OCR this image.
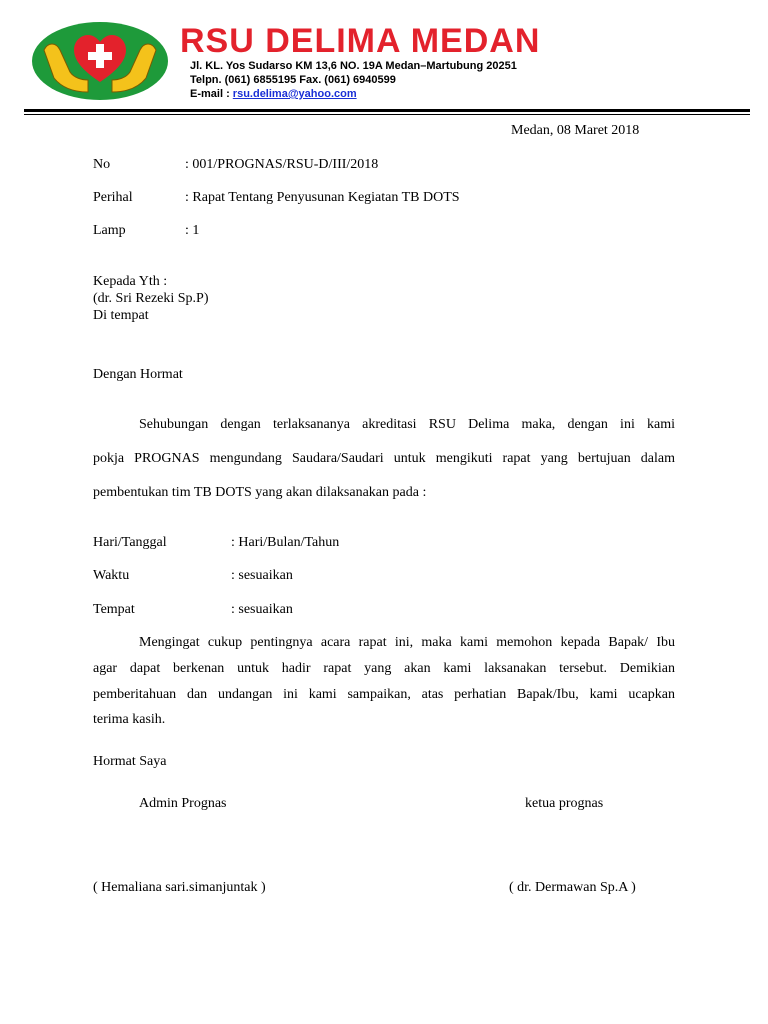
RSU DELIMA MEDAN
Jl. KL. Yos Sudarso KM 13,6 NO. 19A Medan–Martubung 20251
Telpn. (061) 6855195 Fax. (061) 6940599
E-mail : rsu.delima@yahoo.com
Medan, 08 Maret 2018
No	: 001/PROGNAS/RSU-D/III/2018
Perihal	: Rapat Tentang Penyusunan Kegiatan TB DOTS
Lamp	: 1
Kepada Yth :
(dr. Sri Rezeki Sp.P)
Di tempat
Dengan Hormat
Sehubungan dengan terlaksananya akreditasi RSU Delima maka, dengan ini kami
pokja PROGNAS mengundang Saudara/Saudari untuk mengikuti rapat yang bertujuan dalam
pembentukan tim TB DOTS yang akan dilaksanakan pada :
Hari/Tanggal	: Hari/Bulan/Tahun
Waktu	: sesuaikan
Tempat	: sesuaikan
Mengingat cukup pentingnya acara rapat ini, maka kami memohon kepada Bapak/ Ibu
agar dapat berkenan untuk hadir rapat yang akan kami laksanakan tersebut. Demikian
pemberitahuan dan undangan ini kami sampaikan, atas perhatian Bapak/Ibu, kami ucapkan
terima kasih.
Hormat Saya
Admin Prognas	ketua prognas
( Hemaliana sari.simanjuntak )	( dr. Dermawan Sp.A )
